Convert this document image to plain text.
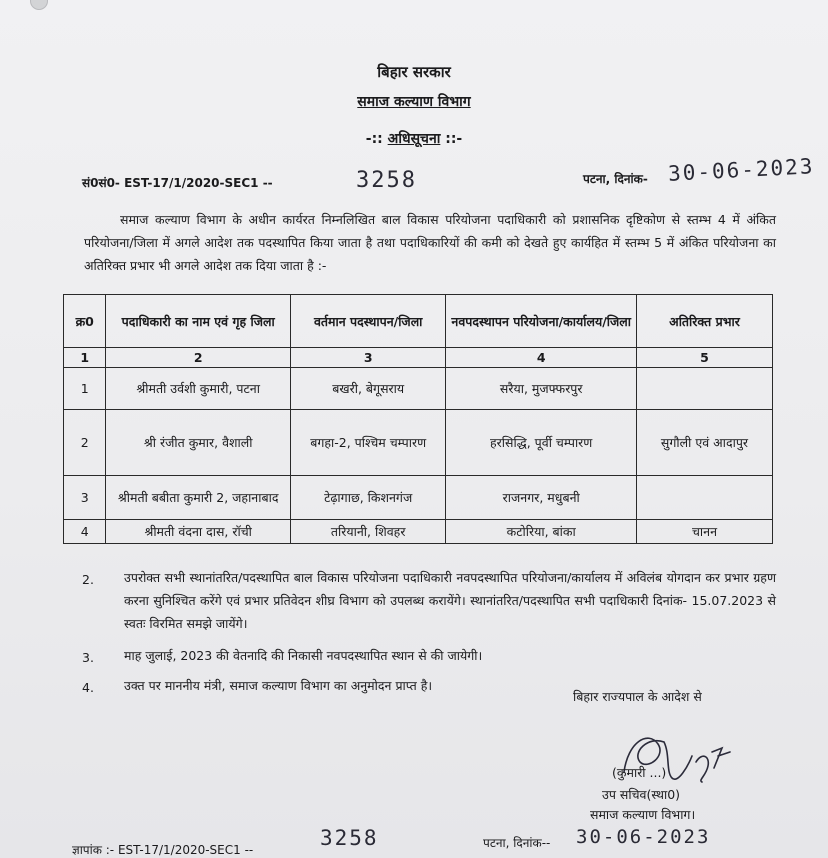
बिहार सरकार
समाज कल्याण विभाग
-:: अधिसूचना ::-
सं0सं0- EST-17/1/2020-SEC1 --	3258	पटना, दिनांक- 30-06-2023
समाज कल्याण विभाग के अधीन कार्यरत निम्नलिखित बाल विकास परियोजना पदाधिकारी को प्रशासनिक दृष्टिकोण से स्तम्भ 4 में अंकित परियोजना/जिला में अगले आदेश तक पदस्थापित किया जाता है तथा पदाधिकारियों की कमी को देखते हुए कार्यहित में स्तम्भ 5 में अंकित परियोजना का अतिरिक्त प्रभार भी अगले आदेश तक दिया जाता है :-
क्र0	पदाधिकारी का नाम एवं गृह जिला	वर्तमान पदस्थापन/जिला	नवपदस्थापन परियोजना/कार्यालय/जिला	अतिरिक्त प्रभार
1	2	3	4	5
1	श्रीमती उर्वशी कुमारी, पटना	बखरी, बेगूसराय	सरैया, मुजफ्फरपुर	
2	श्री रंजीत कुमार, वैशाली	बगहा-2, पश्चिम चम्पारण	हरसिद्धि, पूर्वी चम्पारण	सुगौली एवं आदापुर
3	श्रीमती बबीता कुमारी 2, जहानाबाद	टेढ़ागाछ, किशनगंज	राजनगर, मधुबनी	
4	श्रीमती वंदना दास, रॉची	तरियानी, शिवहर	कटोरिया, बांका	चानन
2. उपरोक्त सभी स्थानांतरित/पदस्थापित बाल विकास परियोजना पदाधिकारी नवपदस्थापित परियोजना/कार्यालय में अविलंब योगदान कर प्रभार ग्रहण करना सुनिश्चित करेंगे एवं प्रभार प्रतिवेदन शीघ्र विभाग को उपलब्ध करायेंगे। स्थानांतरित/पदस्थापित सभी पदाधिकारी दिनांक- 15.07.2023 से स्वतः विरमित समझे जायेंगे।
3. माह जुलाई, 2023 की वेतनादि की निकासी नवपदस्थापित स्थान से की जायेगी।
4. उक्त पर माननीय मंत्री, समाज कल्याण विभाग का अनुमोदन प्राप्त है।
बिहार राज्यपाल के आदेश से
(कुमारी ...)
उप सचिव(स्था0)
समाज कल्याण विभाग।
ज्ञापांक :- EST-17/1/2020-SEC1 --	3258	पटना, दिनांक-- 30-06-2023
